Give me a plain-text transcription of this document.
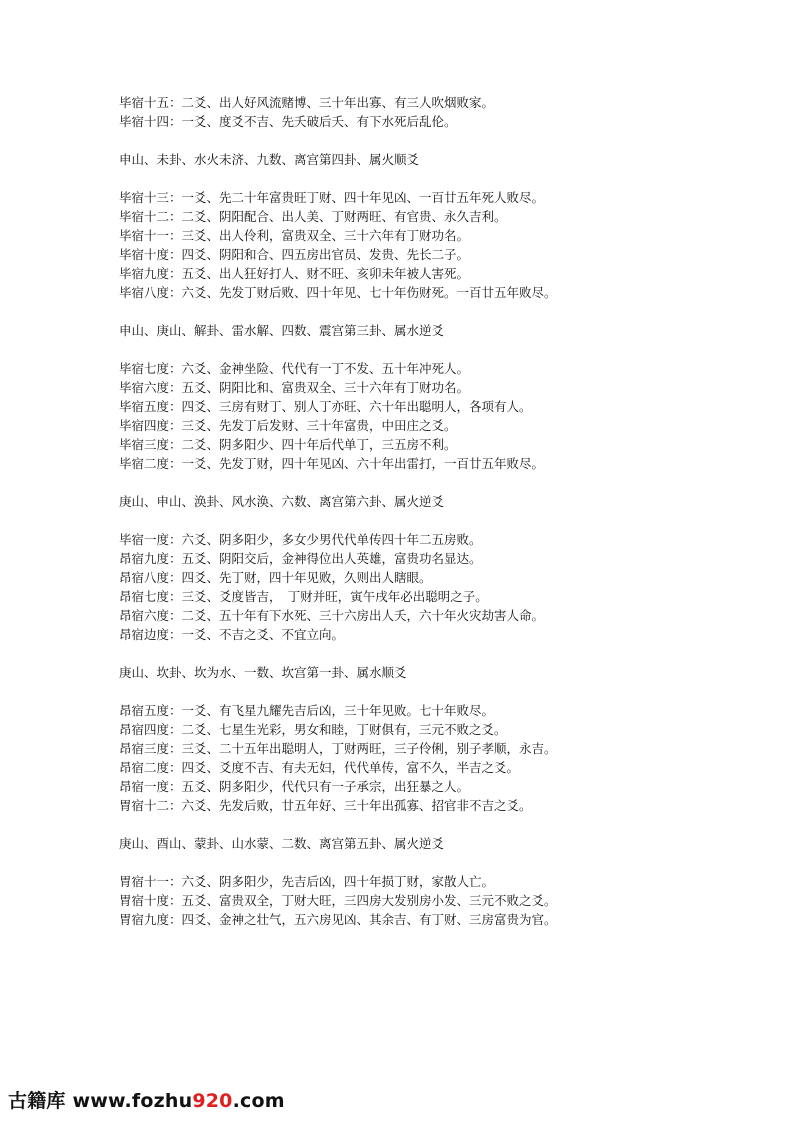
毕宿十五：二爻、出人好风流赌博、三十年出寡、有三人吹烟败家。
毕宿十四：一爻、度爻不吉、先夭破后夭、有下水死后乱伦。
申山、未卦、水火未济、九数、离宫第四卦、属火顺爻
毕宿十三：一爻、先二十年富贵旺丁财、四十年见凶、一百廿五年死人败尽。
毕宿十二：二爻、阴阳配合、出人美、丁财两旺、有官贵、永久吉利。
毕宿十一：三爻、出人伶利，富贵双全、三十六年有丁财功名。
毕宿十度：四爻、阴阳和合、四五房出官员、发贵、先长二子。
毕宿九度：五爻、出人狂好打人、财不旺、亥卯未年被人害死。
毕宿八度：六爻、先发丁财后败、四十年见、七十年伤财死。一百廿五年败尽。
申山、庚山、解卦、雷水解、四数、震宫第三卦、属水逆爻
毕宿七度：六爻、金神坐险、代代有一丁不发、五十年冲死人。
毕宿六度：五爻、阴阳比和、富贵双全、三十六年有丁财功名。
毕宿五度：四爻、三房有财丁、别人丁亦旺、六十年出聪明人，各项有人。
毕宿四度：三爻、先发丁后发财、三十年富贵，中田庄之爻。
毕宿三度：二爻、阴多阳少、四十年后代单丁，三五房不利。
毕宿二度：一爻、先发丁财，四十年见凶、六十年出雷打，一百廿五年败尽。
庚山、申山、涣卦、风水涣、六数、离宫第六卦、属火逆爻
毕宿一度：六爻、阴多阳少，多女少男代代单传四十年二五房败。
昂宿九度：五爻、阴阳交后，金神得位出人英雄，富贵功名显达。
昂宿八度：四爻、先丁财，四十年见败，久则出人瞎眼。
昂宿七度：三爻、爻度皆吉，　丁财并旺，寅午戌年必出聪明之子。
昂宿六度：二爻、五十年有下水死、三十六房出人夭，六十年火灾劫害人命。
昂宿边度：一爻、不吉之爻、不宜立向。
庚山、坎卦、坎为水、一数、坎宫第一卦、属水顺爻
昂宿五度：一爻、有飞星九耀先吉后凶，三十年见败。七十年败尽。
昂宿四度：二爻、七星生光彩，男女和睦，丁财俱有，三元不败之爻。
昂宿三度：三爻、二十五年出聪明人，丁财两旺，三子伶俐，别子孝顺，永吉。
昂宿二度：四爻、爻度不吉、有夫无妇，代代单传，富不久，半吉之爻。
昂宿一度：五爻、阴多阳少，代代只有一子承宗，出狂暴之人。
胃宿十二：六爻、先发后败，廿五年好、三十年出孤寡、招官非不吉之爻。
庚山、酉山、蒙卦、山水蒙、二数、离宫第五卦、属火逆爻
胃宿十一：六爻、阴多阳少，先吉后凶，四十年损丁财，家散人亡。
胃宿十度：五爻、富贵双全，丁财大旺，三四房大发别房小发、三元不败之爻。
胃宿九度：四爻、金神之壮气，五六房见凶、其余吉、有丁财、三房富贵为官。
古籍库 www.fozhu920.com
